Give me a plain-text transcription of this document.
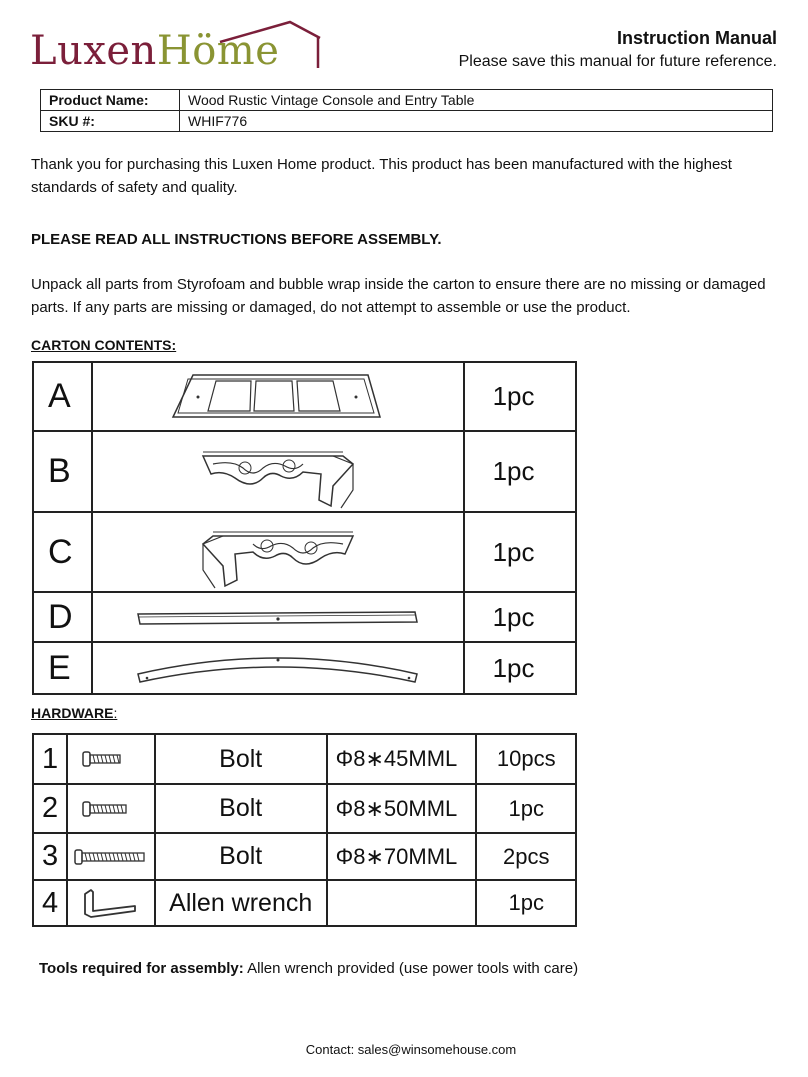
LuxenHöme	Instruction Manual
Please save this manual for future reference.
Product Name:	Wood Rustic Vintage Console and Entry Table
SKU #:	WHIF776
Thank you for purchasing this Luxen Home product. This product has been manufactured with the highest standards of safety and quality.
PLEASE READ ALL INSTRUCTIONS BEFORE ASSEMBLY.
Unpack all parts from Styrofoam and bubble wrap inside the carton to ensure there are no missing or damaged parts. If any parts are missing or damaged, do not attempt to assemble or use the product.
CARTON CONTENTS:
A		1pc
B		1pc
C		1pc
D		1pc
E		1pc
HARDWARE:
1		Bolt	Φ8∗45MML	10pcs
2		Bolt	Φ8∗50MML	1pc
3		Bolt	Φ8∗70MML	2pcs
4		Allen wrench		1pc
Tools required for assembly: Allen wrench provided (use power tools with care)
Contact: sales@winsomehouse.com
